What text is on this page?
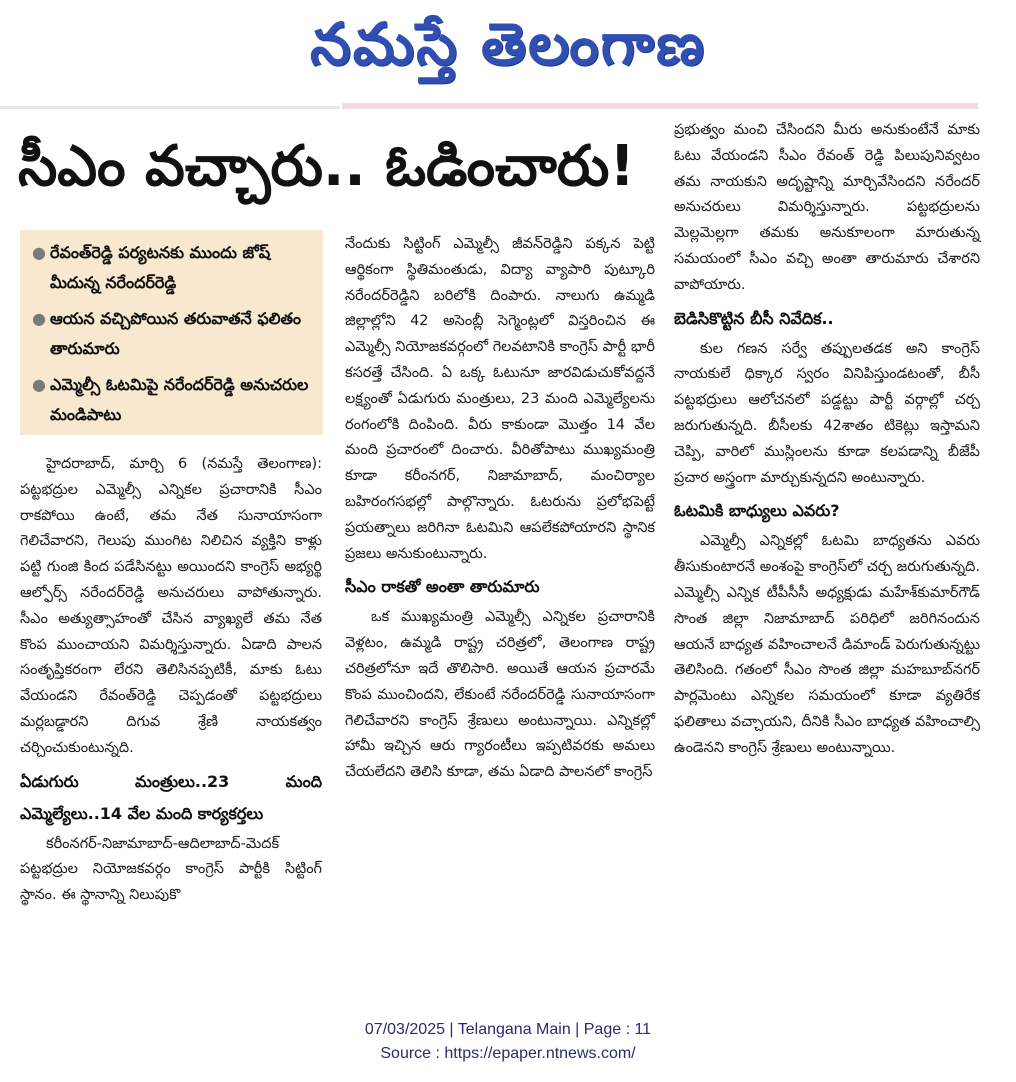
నమస్తే తెలంగాణ
సీఎం వచ్చారు.. ఓడించారు!
● రేవంత్‌రెడ్డి పర్యటనకు ముందు జోష్ మీదున్న నరేందర్‌రెడ్డి
● ఆయన వచ్చిపోయిన తరువాతనే ఫలితం తారుమారు
● ఎమ్మెల్సీ ఓటమిపై నరేందర్‌రెడ్డి అనుచరుల మండిపాటు

హైదరాబాద్, మార్చి 6 (నమస్తే తెలంగాణ): పట్టభద్రుల ఎమ్మెల్సీ ఎన్నికల ప్రచారానికి సీఎం రాకపోయి ఉంటే, తమ నేత సునాయాసంగా గెలిచేవారని, గెలుపు ముంగిట నిలిచిన వ్యక్తిని కాళ్లు పట్టి గుంజి కింద పడేసినట్టు అయిందని కాంగ్రెస్ అభ్యర్థి ఆల్ఫోర్స్ నరేందర్‌రెడ్డి అనుచరులు వాపోతున్నారు. సీఎం అత్యుత్సాహంతో చేసిన వ్యాఖ్యలే తమ నేత కొంప ముంచాయని విమర్శిస్తున్నారు. ఏడాది పాలన సంతృప్తికరంగా లేరని తెలిసినప్పటికీ, మాకు ఓటు వేయండని రేవంత్‌రెడ్డి చెప్పడంతో పట్టభద్రులు మర్లబడ్డారని దిగువ శ్రేణి నాయకత్వం చర్చించుకుంటున్నది.

ఏడుగురు మంత్రులు..23 మంది ఎమ్మెల్యేలు..14 వేల మంది కార్యకర్తలు

కరీంనగర్-నిజామాబాద్-ఆదిలాబాద్-మెదక్ పట్టభద్రుల నియోజకవర్గం కాంగ్రెస్ పార్టీకి సిట్టింగ్ స్థానం. ఈ స్థానాన్ని నిలుపుకొ

నేందుకు సిట్టింగ్ ఎమ్మెల్సీ జీవన్‌రెడ్డిని పక్కన పెట్టి ఆర్థికంగా స్థితిమంతుడు, విద్యా వ్యాపారి పుట్కూరి నరేందర్‌రెడ్డిని బరిలోకి దింపారు. నాలుగు ఉమ్మడి జిల్లాల్లోని 42 అసెంబ్లీ సెగ్మెంట్లలో విస్తరించిన ఈ ఎమ్మెల్సీ నియోజకవర్గంలో గెలవటానికి కాంగ్రెస్ పార్టీ భారీ కసరత్తే చేసింది. ఏ ఒక్క ఓటునూ జారవిడుచుకోవద్దనే లక్ష్యంతో ఏడుగురు మంత్రులు, 23 మంది ఎమ్మెల్యేలను రంగంలోకి దింపింది. వీరు కాకుండా మొత్తం 14 వేల మంది ప్రచారంలో దించారు. వీరితోపాటు ముఖ్యమంత్రి కూడా కరీంనగర్, నిజామాబాద్, మంచిర్యాల బహిరంగసభల్లో పాల్గొన్నారు. ఓటరును ప్రలోభపెట్టే ప్రయత్నాలు జరిగినా ఓటమిని ఆపలేకపోయారని స్థానిక ప్రజలు అనుకుంటున్నారు.

సీఎం రాకతో అంతా తారుమారు

ఒక ముఖ్యమంత్రి ఎమ్మెల్సీ ఎన్నికల ప్రచారానికి వెళ్లటం, ఉమ్మడి రాష్ట్ర చరిత్రలో, తెలంగాణ రాష్ట్ర చరిత్రలోనూ ఇదే తొలిసారి. అయితే ఆయన ప్రచారమే కొంప ముంచిందని, లేకుంటే నరేందర్‌రెడ్డి సునాయాసంగా గెలిచేవారని కాంగ్రెస్ శ్రేణులు అంటున్నాయి. ఎన్నికల్లో హామీ ఇచ్చిన ఆరు గ్యారంటీలు ఇప్పటివరకు అమలు చేయలేదని తెలిసి కూడా, తమ ఏడాది పాలనలో కాంగ్రెస్

ప్రభుత్వం మంచి చేసిందని మీరు అనుకుంటేనే మాకు ఓటు వేయండని సీఎం రేవంత్ రెడ్డి పిలుపునివ్వటం తమ నాయకుని అదృష్టాన్ని మార్చివేసిందని నరేందర్ అనుచరులు విమర్శిస్తున్నారు. పట్టభద్రులను మెల్లమెల్లగా తమకు అనుకూలంగా మారుతున్న సమయంలో సీఎం వచ్చి అంతా తారుమారు చేశారని వాపోయారు.

బెడిసికొట్టిన బీసీ నివేదిక..

కుల గణన సర్వే తప్పులతడక అని కాంగ్రెస్ నాయకులే ధిక్కార స్వరం వినిపిస్తుండటంతో, బీసీ పట్టభద్రులు ఆలోచనలో పడ్డట్టు పార్టీ వర్గాల్లో చర్చ జరుగుతున్నది. బీసీలకు 42శాతం టికెట్లు ఇస్తామని చెప్పి, వారిలో ముస్లింలను కూడా కలపడాన్ని బీజేపీ ప్రచార అస్త్రంగా మార్చుకున్నదని అంటున్నారు.

ఓటమికి బాధ్యులు ఎవరు?

ఎమ్మెల్సీ ఎన్నికల్లో ఓటమి బాధ్యతను ఎవరు తీసుకుంటారనే అంశంపై కాంగ్రెస్‌లో చర్చ జరుగుతున్నది. ఎమ్మెల్సీ ఎన్నిక టీపీసీసీ అధ్యక్షుడు మహేశ్‌కుమార్‌గౌడ్ సొంత జిల్లా నిజామాబాద్ పరిధిలో జరిగినందున ఆయనే బాధ్యత వహించాలనే డిమాండ్ పెరుగుతున్నట్టు తెలిసింది. గతంలో సీఎం సొంత జిల్లా మహబూబ్‌నగర్ పార్లమెంటు ఎన్నికల సమయంలో కూడా వ్యతిరేక ఫలితాలు వచ్చాయని, దీనికి సీఎం బాధ్యత వహించాల్సి ఉండెనని కాంగ్రెస్ శ్రేణులు అంటున్నాయి.

07/03/2025 | Telangana Main | Page : 11
Source : https://epaper.ntnews.com/
